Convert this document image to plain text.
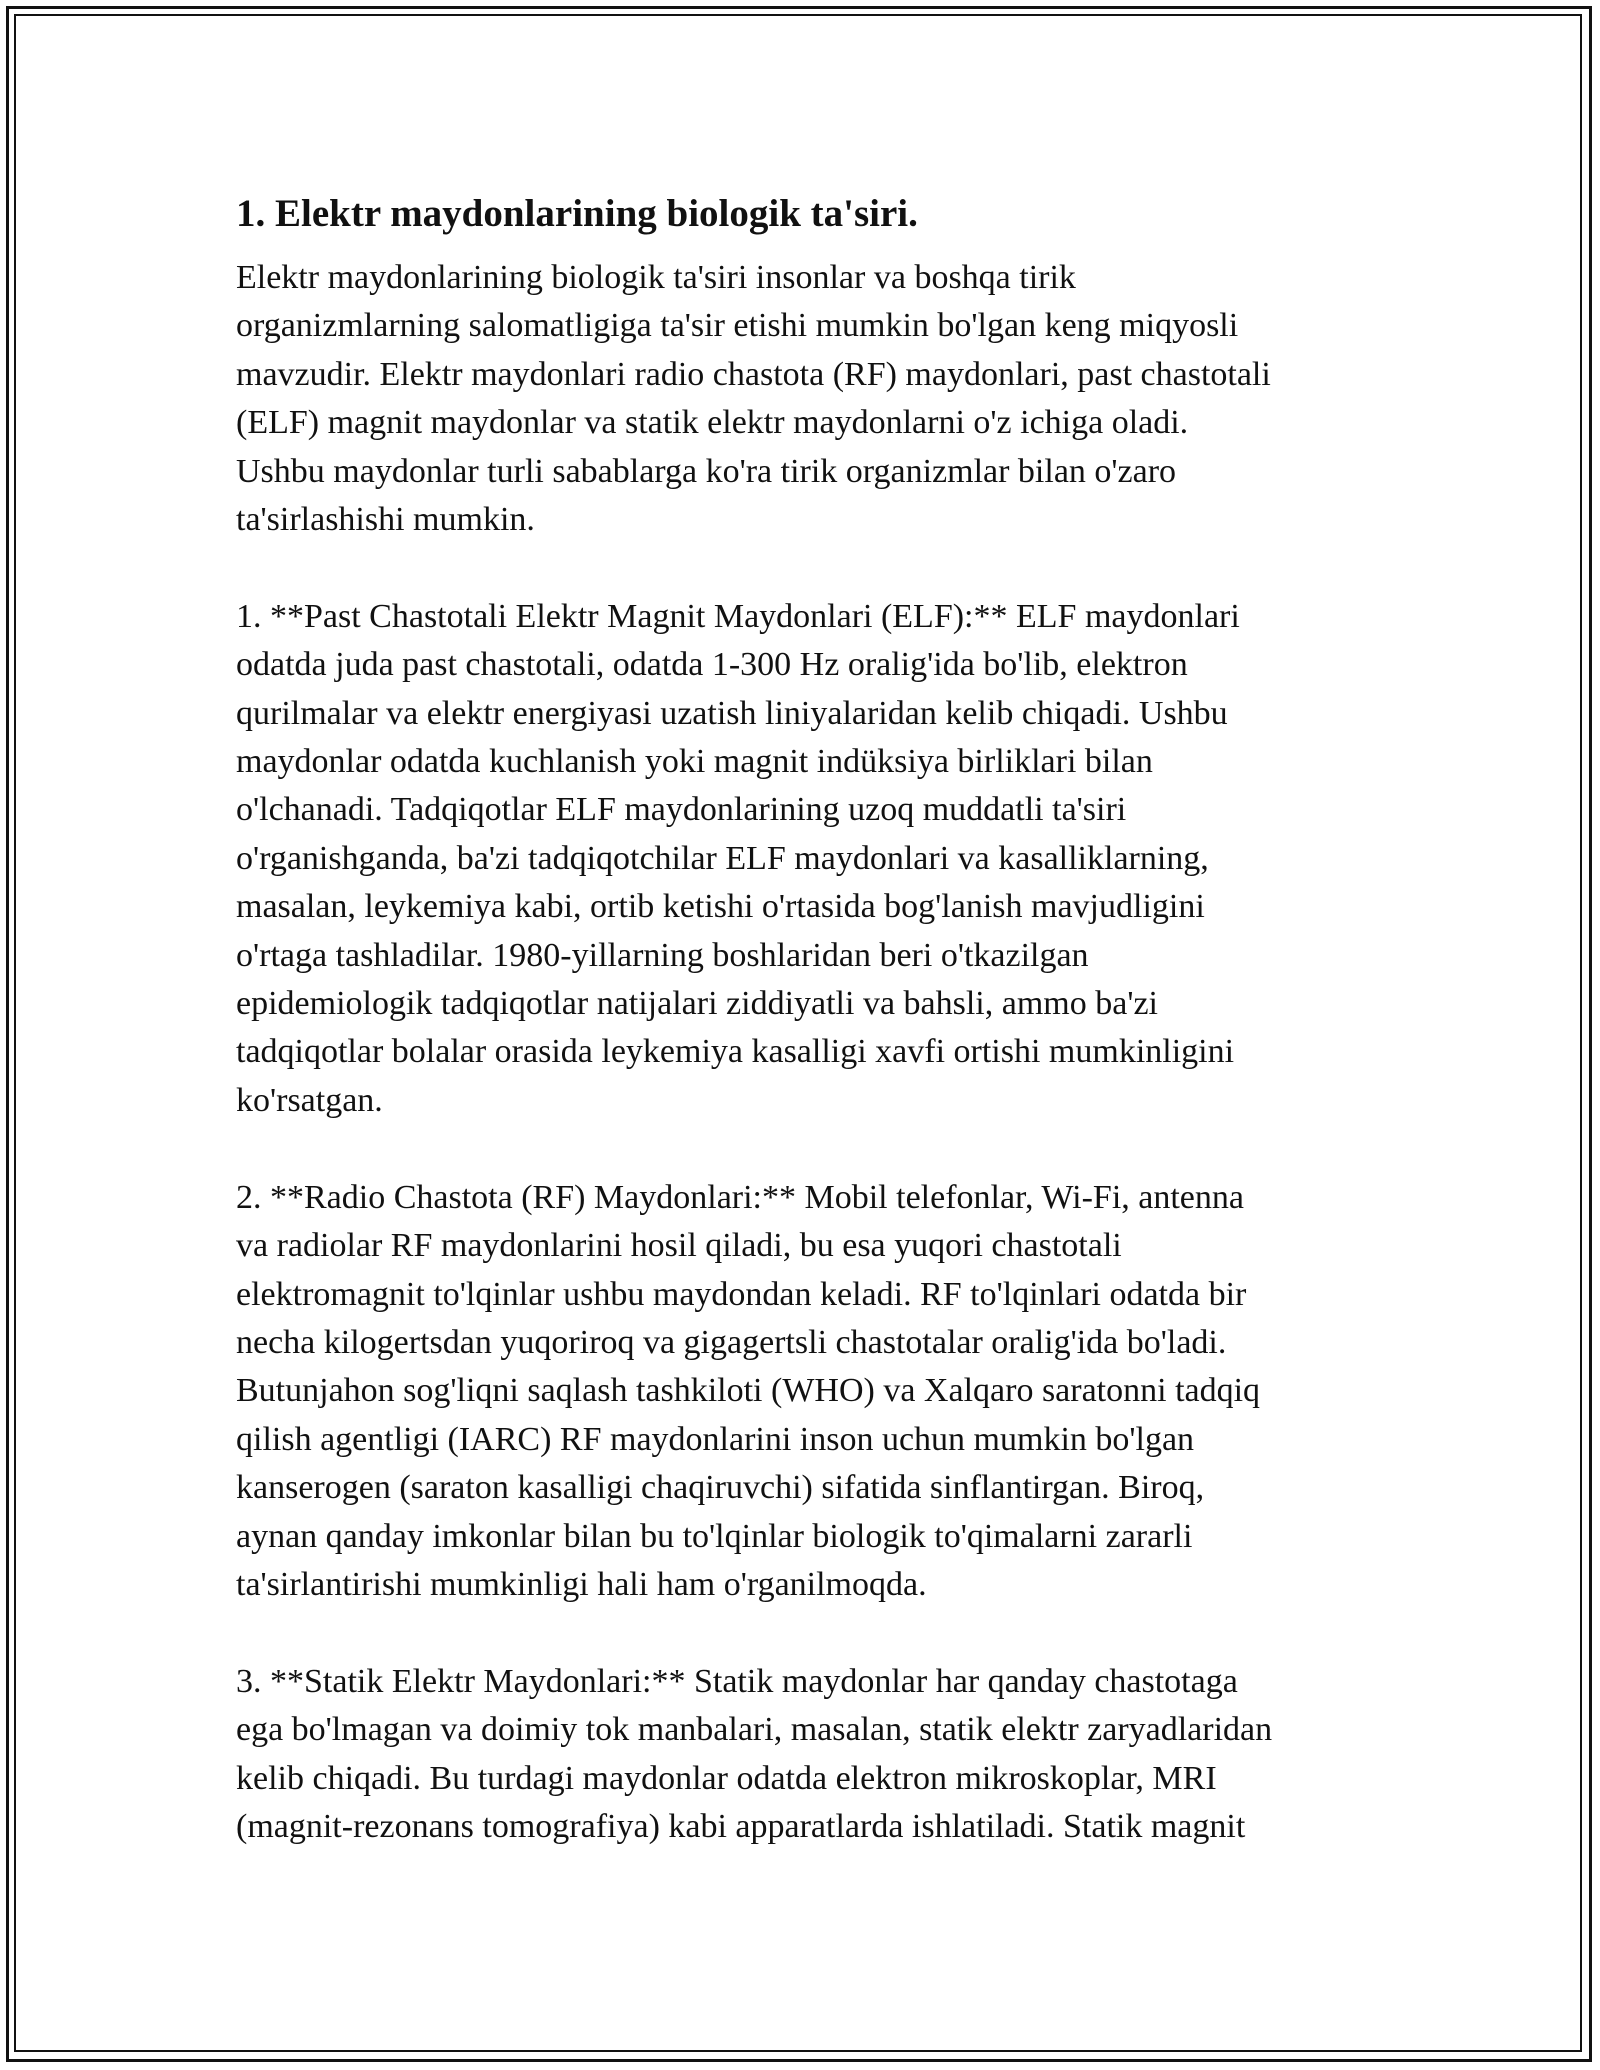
1. Elektr maydonlarining biologik ta'siri.
Elektr maydonlarining biologik ta'siri insonlar va boshqa tirik
organizmlarning salomatligiga ta'sir etishi mumkin bo'lgan keng miqyosli
mavzudir. Elektr maydonlari radio chastota (RF) maydonlari, past chastotali
(ELF) magnit maydonlar va statik elektr maydonlarni o'z ichiga oladi.
Ushbu maydonlar turli sabablarga ko'ra tirik organizmlar bilan o'zaro
ta'sirlashishi mumkin.
1. **Past Chastotali Elektr Magnit Maydonlari (ELF):** ELF maydonlari
odatda juda past chastotali, odatda 1-300 Hz oralig'ida bo'lib, elektron
qurilmalar va elektr energiyasi uzatish liniyalaridan kelib chiqadi. Ushbu
maydonlar odatda kuchlanish yoki magnit indüksiya birliklari bilan
o'lchanadi. Tadqiqotlar ELF maydonlarining uzoq muddatli ta'siri
o'rganishganda, ba'zi tadqiqotchilar ELF maydonlari va kasalliklarning,
masalan, leykemiya kabi, ortib ketishi o'rtasida bog'lanish mavjudligini
o'rtaga tashladilar. 1980-yillarning boshlaridan beri o'tkazilgan
epidemiologik tadqiqotlar natijalari ziddiyatli va bahsli, ammo ba'zi
tadqiqotlar bolalar orasida leykemiya kasalligi xavfi ortishi mumkinligini
ko'rsatgan.
2. **Radio Chastota (RF) Maydonlari:** Mobil telefonlar, Wi-Fi, antenna
va radiolar RF maydonlarini hosil qiladi, bu esa yuqori chastotali
elektromagnit to'lqinlar ushbu maydondan keladi. RF to'lqinlari odatda bir
necha kilogertsdan yuqoriroq va gigagertsli chastotalar oralig'ida bo'ladi.
Butunjahon sog'liqni saqlash tashkiloti (WHO) va Xalqaro saratonni tadqiq
qilish agentligi (IARC) RF maydonlarini inson uchun mumkin bo'lgan
kanserogen (saraton kasalligi chaqiruvchi) sifatida sinflantirgan. Biroq,
aynan qanday imkonlar bilan bu to'lqinlar biologik to'qimalarni zararli
ta'sirlantirishi mumkinligi hali ham o'rganilmoqda.
3. **Statik Elektr Maydonlari:** Statik maydonlar har qanday chastotaga
ega bo'lmagan va doimiy tok manbalari, masalan, statik elektr zaryadlaridan
kelib chiqadi. Bu turdagi maydonlar odatda elektron mikroskoplar, MRI
(magnit-rezonans tomografiya) kabi apparatlarda ishlatiladi. Statik magnit
